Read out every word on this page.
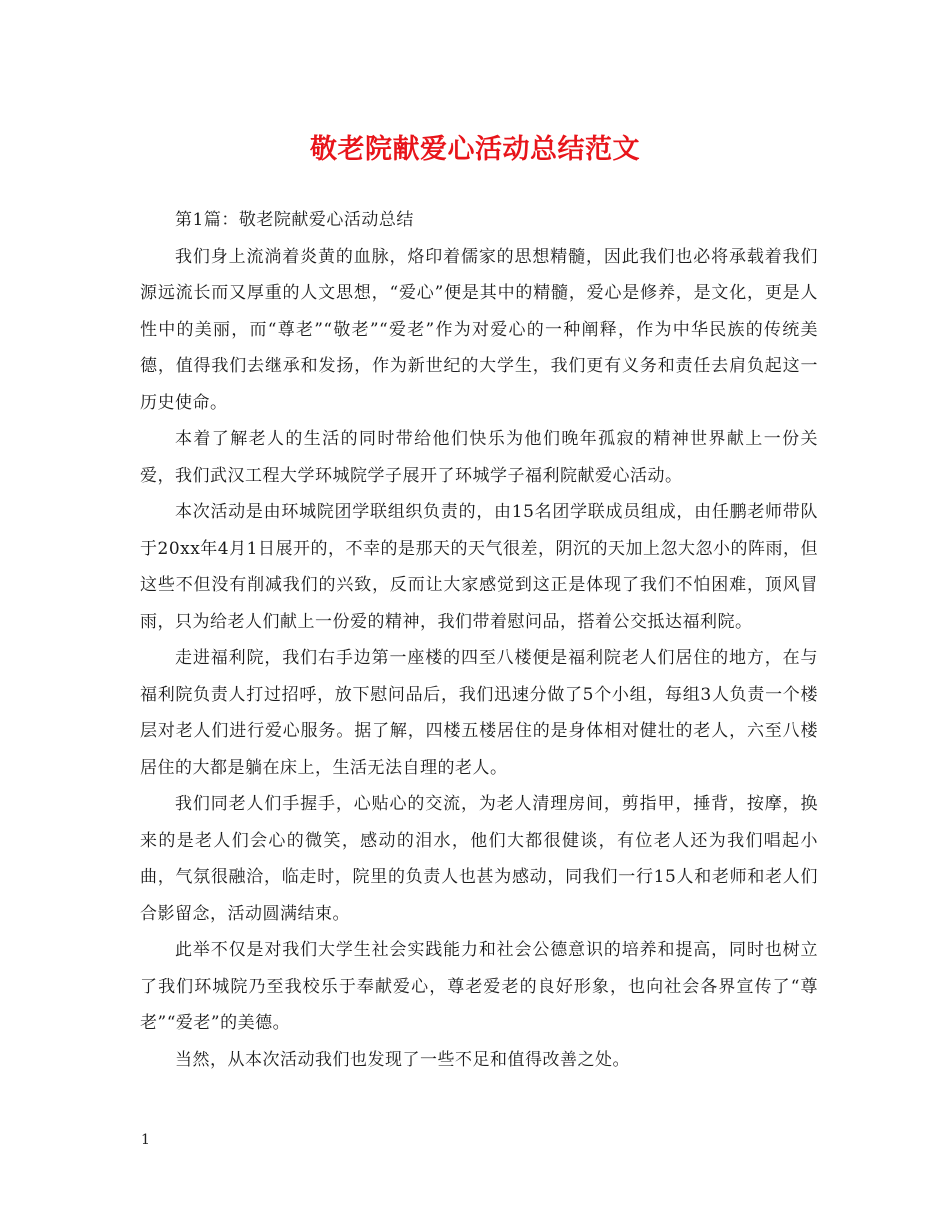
敬老院献爱心活动总结范文

第1篇：敬老院献爱心活动总结

我们身上流淌着炎黄的血脉，烙印着儒家的思想精髓，因此我们也必将承载着我们源远流长而又厚重的人文思想，“爱心”便是其中的精髓，爱心是修养，是文化，更是人性中的美丽，而“尊老”“敬老”“爱老”作为对爱心的一种阐释，作为中华民族的传统美德，值得我们去继承和发扬，作为新世纪的大学生，我们更有义务和责任去肩负起这一历史使命。

本着了解老人的生活的同时带给他们快乐为他们晚年孤寂的精神世界献上一份关爱，我们武汉工程大学环城院学子展开了环城学子福利院献爱心活动。

本次活动是由环城院团学联组织负责的，由15名团学联成员组成，由任鹏老师带队于20xx年4月1日展开的，不幸的是那天的天气很差，阴沉的天加上忽大忽小的阵雨，但这些不但没有削减我们的兴致，反而让大家感觉到这正是体现了我们不怕困难，顶风冒雨，只为给老人们献上一份爱的精神，我们带着慰问品，搭着公交抵达福利院。

走进福利院，我们右手边第一座楼的四至八楼便是福利院老人们居住的地方，在与福利院负责人打过招呼，放下慰问品后，我们迅速分做了5个小组，每组3人负责一个楼层对老人们进行爱心服务。据了解，四楼五楼居住的是身体相对健壮的老人，六至八楼居住的大都是躺在床上，生活无法自理的老人。

我们同老人们手握手，心贴心的交流，为老人清理房间，剪指甲，捶背，按摩，换来的是老人们会心的微笑，感动的泪水，他们大都很健谈，有位老人还为我们唱起小曲，气氛很融洽，临走时，院里的负责人也甚为感动，同我们一行15人和老师和老人们合影留念，活动圆满结束。

此举不仅是对我们大学生社会实践能力和社会公德意识的培养和提高，同时也树立了我们环城院乃至我校乐于奉献爱心，尊老爱老的良好形象，也向社会各界宣传了“尊老”“爱老”的美德。

当然，从本次活动我们也发现了一些不足和值得改善之处。

1
